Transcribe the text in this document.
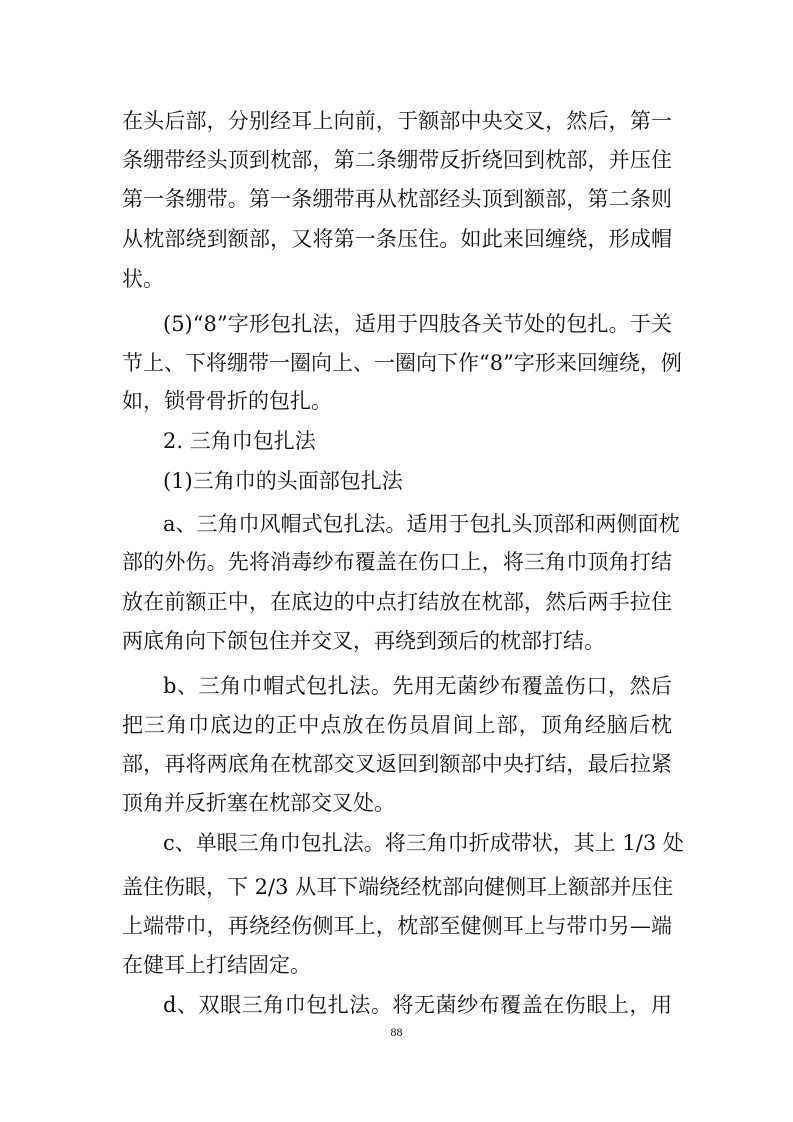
在头后部，分别经耳上向前，于额部中央交叉，然后，第一
条绷带经头顶到枕部，第二条绷带反折绕回到枕部，并压住
第一条绷带。第一条绷带再从枕部经头顶到额部，第二条则
从枕部绕到额部，又将第一条压住。如此来回缠绕，形成帽
状。
(5)“8”字形包扎法，适用于四肢各关节处的包扎。于关
节上、下将绷带一圈向上、一圈向下作“8”字形来回缠绕，例
如，锁骨骨折的包扎。
2. 三角巾包扎法
(1)三角巾的头面部包扎法
a、三角巾风帽式包扎法。适用于包扎头顶部和两侧面枕
部的外伤。先将消毒纱布覆盖在伤口上，将三角巾顶角打结
放在前额正中，在底边的中点打结放在枕部，然后两手拉住
两底角向下颌包住并交叉，再绕到颈后的枕部打结。
b、三角巾帽式包扎法。先用无菌纱布覆盖伤口，然后
把三角巾底边的正中点放在伤员眉间上部，顶角经脑后枕
部，再将两底角在枕部交叉返回到额部中央打结，最后拉紧
顶角并反折塞在枕部交叉处。
c、单眼三角巾包扎法。将三角巾折成带状，其上 1/3 处
盖住伤眼，下 2/3 从耳下端绕经枕部向健侧耳上额部并压住
上端带巾，再绕经伤侧耳上，枕部至健侧耳上与带巾另—端
在健耳上打结固定。
d、双眼三角巾包扎法。将无菌纱布覆盖在伤眼上，用
88
